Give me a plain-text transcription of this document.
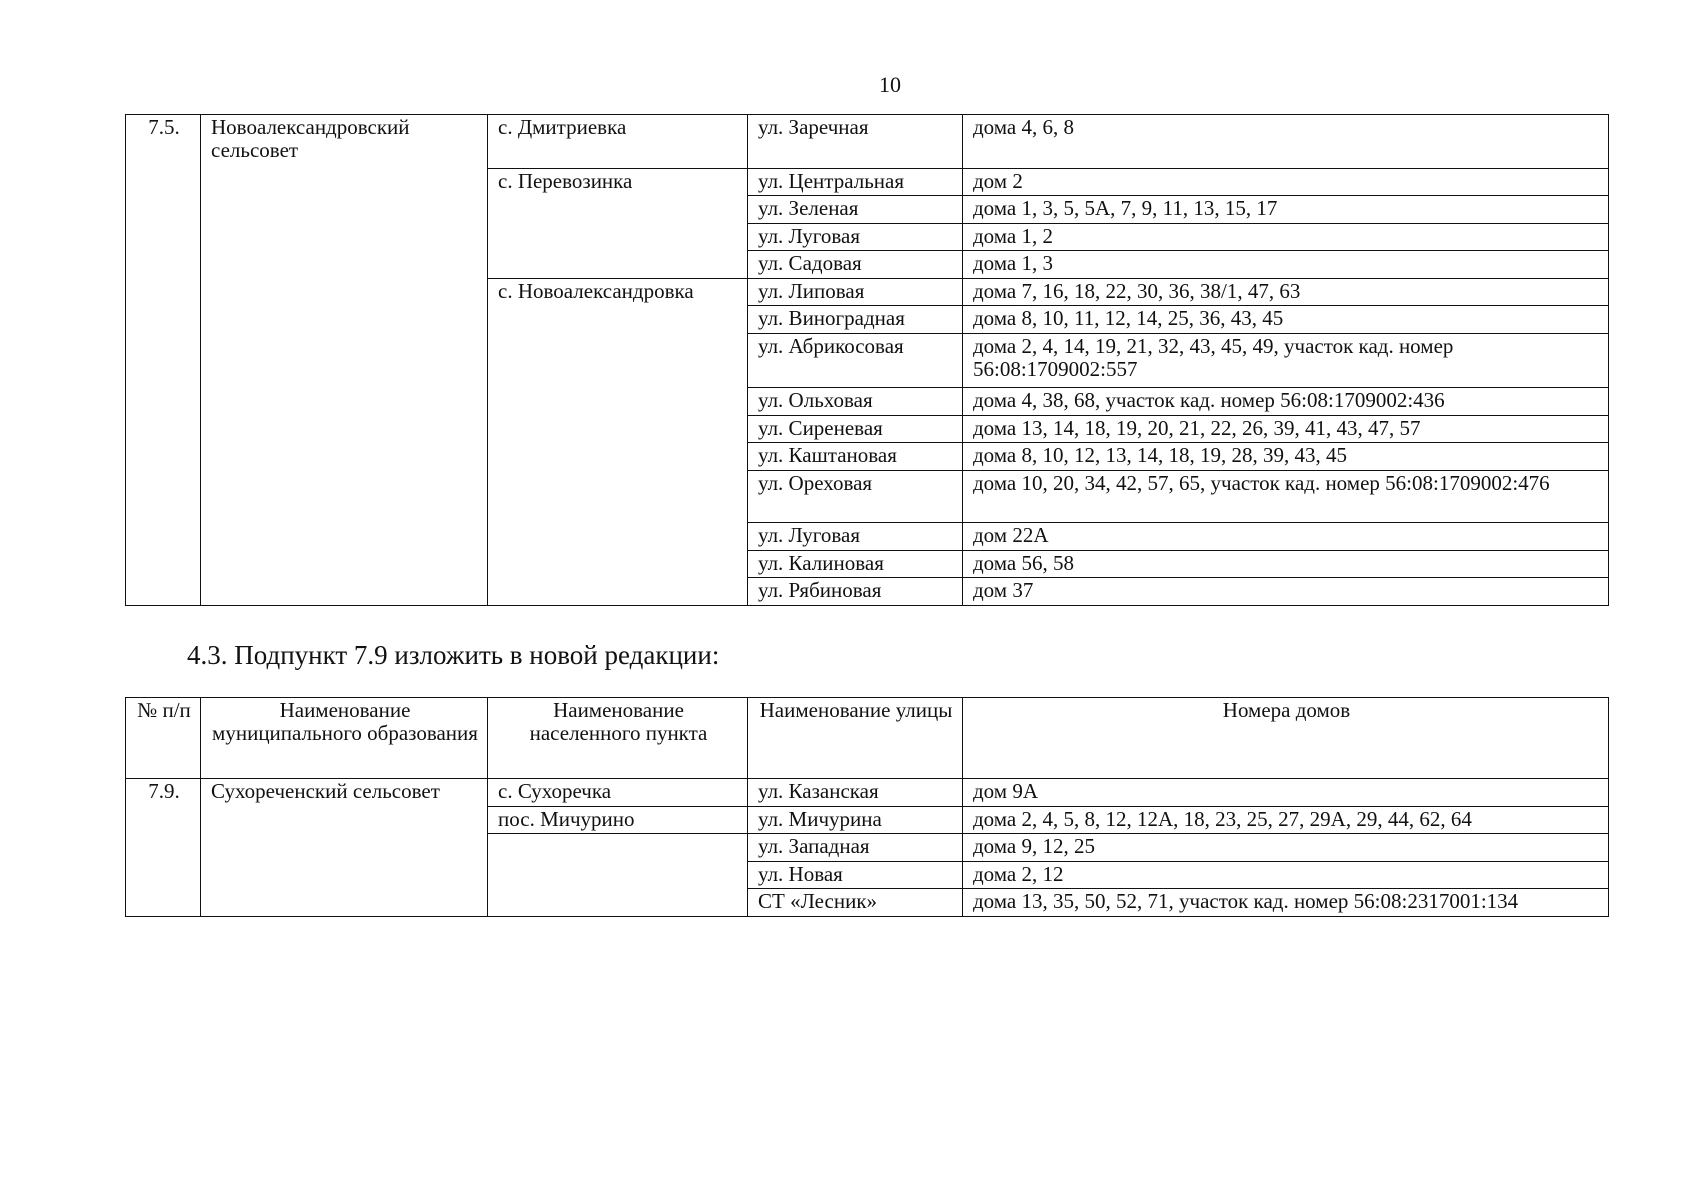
10
7.5.	Новоалександровский сельсовет	с. Дмитриевка	ул. Заречная	дома 4, 6, 8
		с. Перевозинка	ул. Центральная	дом 2
			ул. Зеленая	дома 1, 3, 5, 5А, 7, 9, 11, 13, 15, 17
			ул. Луговая	дома 1, 2
			ул. Садовая	дома 1, 3
		с. Новоалександровка	ул. Липовая	дома 7, 16, 18, 22, 30, 36, 38/1, 47, 63
			ул. Виноградная	дома 8, 10, 11, 12, 14, 25, 36, 43, 45
			ул. Абрикосовая	дома 2, 4, 14, 19, 21, 32, 43, 45, 49, участок кад. номер 56:08:1709002:557
			ул. Ольховая	дома 4, 38, 68, участок кад. номер 56:08:1709002:436
			ул. Сиреневая	дома 13, 14, 18, 19, 20, 21, 22, 26, 39, 41, 43, 47, 57
			ул. Каштановая	дома 8, 10, 12, 13, 14, 18, 19, 28, 39, 43, 45
			ул. Ореховая	дома 10, 20, 34, 42, 57, 65, участок кад. номер 56:08:1709002:476
			ул. Луговая	дом 22А
			ул. Калиновая	дома 56, 58
			ул. Рябиновая	дом 37
4.3. Подпункт 7.9 изложить в новой редакции:
№ п/п	Наименование муниципального образования	Наименование населенного пункта	Наименование улицы	Номера домов
7.9.	Сухореченский сельсовет	с. Сухоречка	ул. Казанская	дом 9А
		пос. Мичурино	ул. Мичурина	дома 2, 4, 5, 8, 12, 12А, 18, 23, 25, 27, 29А, 29, 44, 62, 64
			ул. Западная	дома 9, 12, 25
			ул. Новая	дома 2, 12
			СТ «Лесник»	дома 13, 35, 50, 52, 71, участок кад. номер 56:08:2317001:134
